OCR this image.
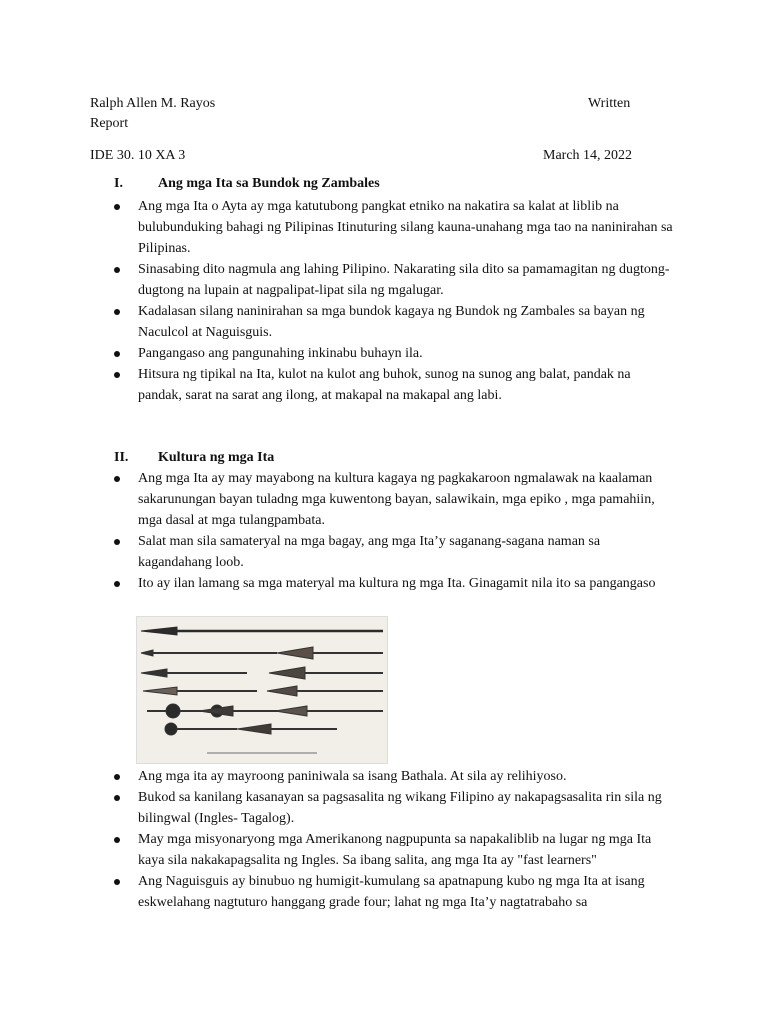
Ralph Allen M. Rayos	Written
Report
IDE 30. 10 XA 3	March 14, 2022
I.	Ang mga Ita sa Bundok ng Zambales
Ang mga Ita o Ayta ay mga katutubong pangkat etniko na nakatira sa kalat at liblib na bulubunduking bahagi ng Pilipinas Itinuturing silang kauna-unahang mga tao na naninirahan sa Pilipinas.
Sinasabing dito nagmula ang lahing Pilipino. Nakarating sila dito sa pamamagitan ng dugtong-dugtong na lupain at nagpalipat-lipat sila ng mgalugar.
Kadalasan silang naninirahan sa mga bundok kagaya ng Bundok ng Zambales sa bayan ng Naculcol at Naguisguis.
Pangangaso ang pangunahing inkinabu buhayn ila.
Hitsura ng tipikal na Ita, kulot na kulot ang buhok, sunog na sunog ang balat, pandak na pandak, sarat na sarat ang ilong, at makapal na makapal ang labi.
II. Kultura ng mga Ita
Ang mga Ita ay may mayabong na kultura kagaya ng pagkakaroon ngmalawak na kaalaman sakarunungan bayan tuladng mga kuwentong bayan, salawikain, mga epiko , mga pamahiin, mga dasal at mga tulangpambata.
Salat man sila samateryal na mga bagay, ang mga Ita’y saganang-sagana naman sa kagandahang loob.
Ito ay ilan lamang sa mga materyal ma kultura ng mga Ita. Ginagamit nila ito sa pangangaso
Ang mga ita ay mayroong paniniwala sa isang Bathala. At sila ay relihiyoso.
Bukod sa kanilang kasanayan sa pagsasalita ng wikang Filipino ay nakapagsasalita rin sila ng bilingwal (Ingles- Tagalog).
May mga misyonaryong mga Amerikanong nagpupunta sa napakaliblib na lugar ng mga Ita kaya sila nakakapagsalita ng Ingles. Sa ibang salita, ang mga Ita ay "fast learners"
Ang Naguisguis ay binubuo ng humigit-kumulang sa apatnapung kubo ng mga Ita at isang eskwelahang nagtuturo hanggang grade four; lahat ng mga Ita’y nagtatrabaho sa
